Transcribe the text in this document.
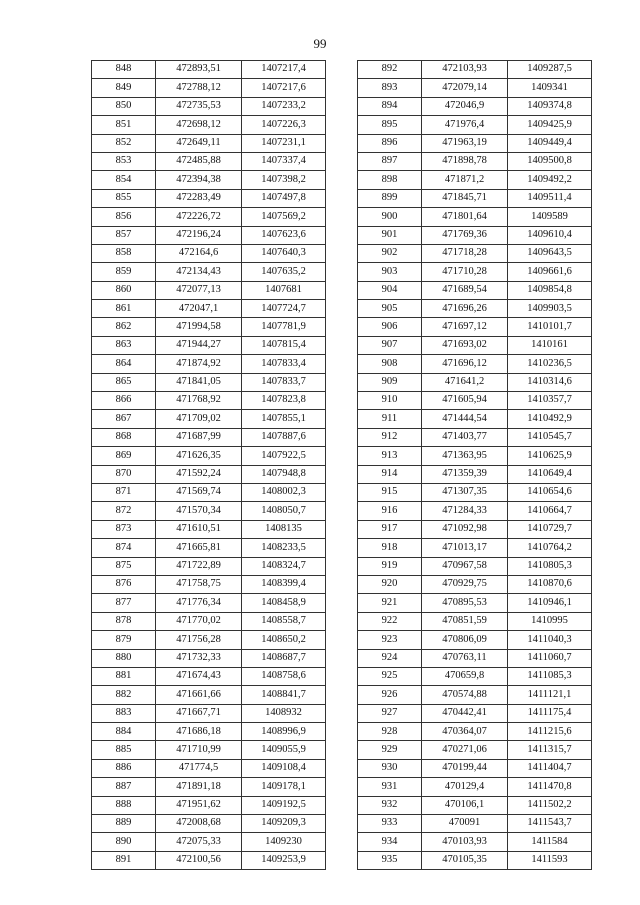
99
848	472893,51	1407217,4
849	472788,12	1407217,6
850	472735,53	1407233,2
851	472698,12	1407226,3
852	472649,11	1407231,1
853	472485,88	1407337,4
854	472394,38	1407398,2
855	472283,49	1407497,8
856	472226,72	1407569,2
857	472196,24	1407623,6
858	472164,6	1407640,3
859	472134,43	1407635,2
860	472077,13	1407681
861	472047,1	1407724,7
862	471994,58	1407781,9
863	471944,27	1407815,4
864	471874,92	1407833,4
865	471841,05	1407833,7
866	471768,92	1407823,8
867	471709,02	1407855,1
868	471687,99	1407887,6
869	471626,35	1407922,5
870	471592,24	1407948,8
871	471569,74	1408002,3
872	471570,34	1408050,7
873	471610,51	1408135
874	471665,81	1408233,5
875	471722,89	1408324,7
876	471758,75	1408399,4
877	471776,34	1408458,9
878	471770,02	1408558,7
879	471756,28	1408650,2
880	471732,33	1408687,7
881	471674,43	1408758,6
882	471661,66	1408841,7
883	471667,71	1408932
884	471686,18	1408996,9
885	471710,99	1409055,9
886	471774,5	1409108,4
887	471891,18	1409178,1
888	471951,62	1409192,5
889	472008,68	1409209,3
890	472075,33	1409230
891	472100,56	1409253,9
892	472103,93	1409287,5
893	472079,14	1409341
894	472046,9	1409374,8
895	471976,4	1409425,9
896	471963,19	1409449,4
897	471898,78	1409500,8
898	471871,2	1409492,2
899	471845,71	1409511,4
900	471801,64	1409589
901	471769,36	1409610,4
902	471718,28	1409643,5
903	471710,28	1409661,6
904	471689,54	1409854,8
905	471696,26	1409903,5
906	471697,12	1410101,7
907	471693,02	1410161
908	471696,12	1410236,5
909	471641,2	1410314,6
910	471605,94	1410357,7
911	471444,54	1410492,9
912	471403,77	1410545,7
913	471363,95	1410625,9
914	471359,39	1410649,4
915	471307,35	1410654,6
916	471284,33	1410664,7
917	471092,98	1410729,7
918	471013,17	1410764,2
919	470967,58	1410805,3
920	470929,75	1410870,6
921	470895,53	1410946,1
922	470851,59	1410995
923	470806,09	1411040,3
924	470763,11	1411060,7
925	470659,8	1411085,3
926	470574,88	1411121,1
927	470442,41	1411175,4
928	470364,07	1411215,6
929	470271,06	1411315,7
930	470199,44	1411404,7
931	470129,4	1411470,8
932	470106,1	1411502,2
933	470091	1411543,7
934	470103,93	1411584
935	470105,35	1411593
